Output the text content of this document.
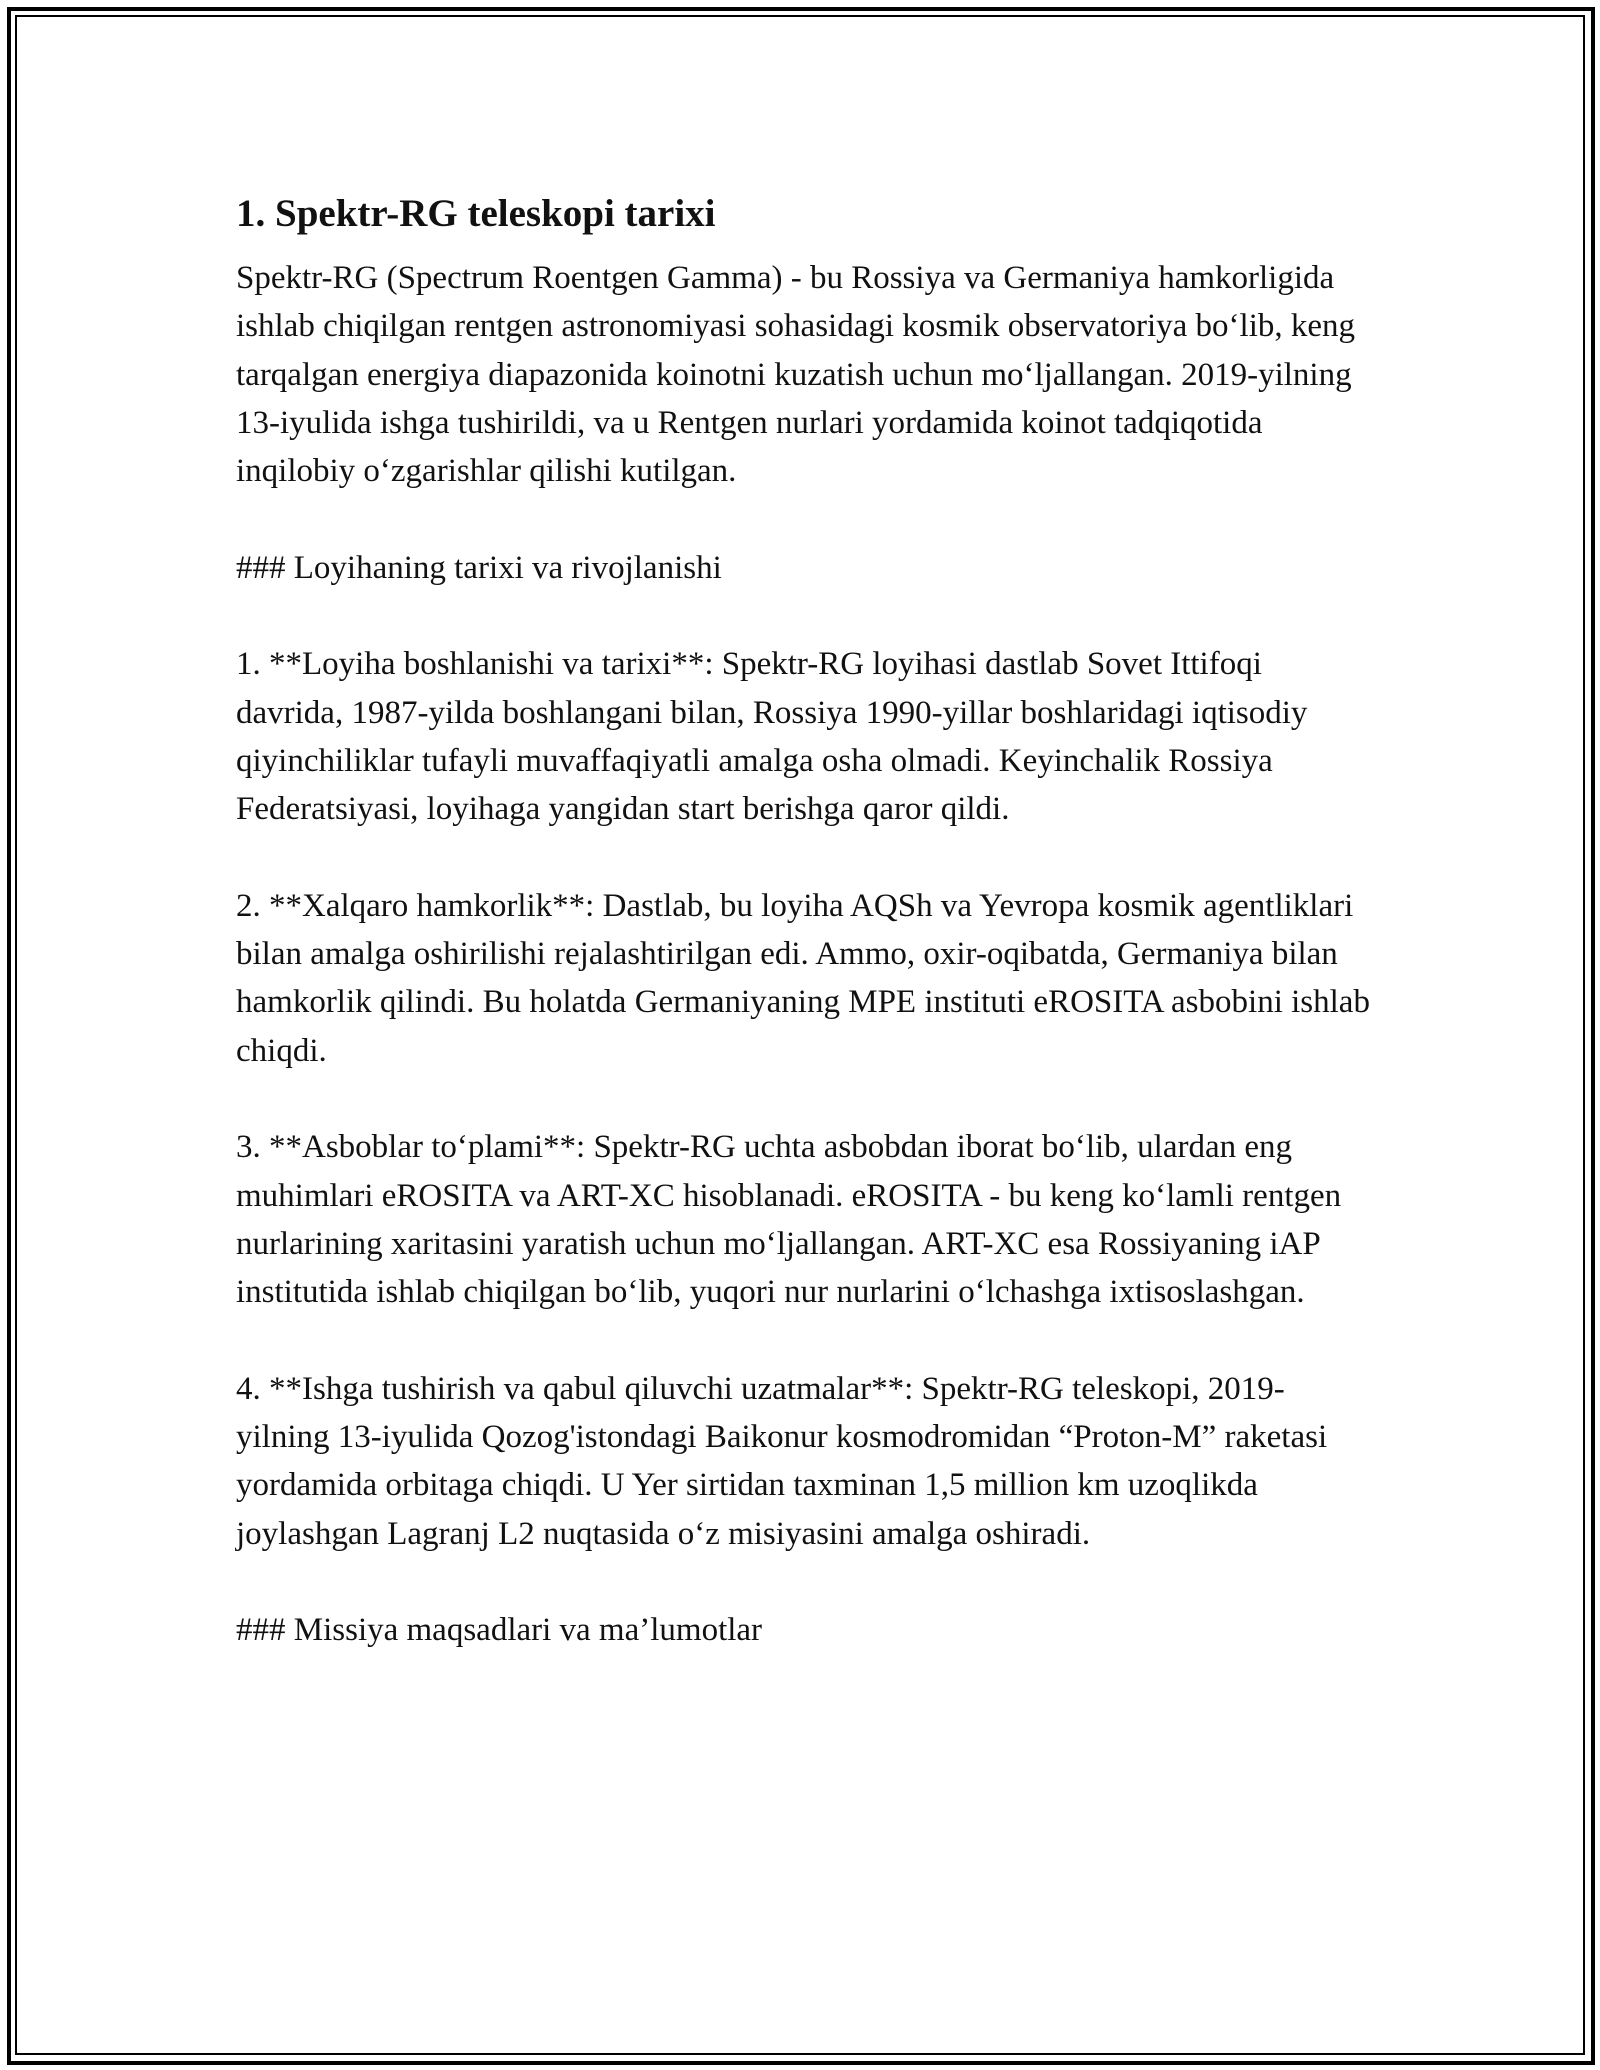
1. Spektr-RG teleskopi tarixi

Spektr-RG (Spectrum Roentgen Gamma) - bu Rossiya va Germaniya hamkorligida ishlab chiqilgan rentgen astronomiyasi sohasidagi kosmik observatoriya bo‘lib, keng tarqalgan energiya diapazonida koinotni kuzatish uchun mo‘ljallangan. 2019-yilning 13-iyulida ishga tushirildi, va u Rentgen nurlari yordamida koinot tadqiqotida inqilobiy o‘zgarishlar qilishi kutilgan.

### Loyihaning tarixi va rivojlanishi

1. **Loyiha boshlanishi va tarixi**: Spektr-RG loyihasi dastlab Sovet Ittifoqi davrida, 1987-yilda boshlangani bilan, Rossiya 1990-yillar boshlaridagi iqtisodiy qiyinchiliklar tufayli muvaffaqiyatli amalga osha olmadi. Keyinchalik Rossiya Federatsiyasi, loyihaga yangidan start berishga qaror qildi.

2. **Xalqaro hamkorlik**: Dastlab, bu loyiha AQSh va Yevropa kosmik agentliklari bilan amalga oshirilishi rejalashtirilgan edi. Ammo, oxir-oqibatda, Germaniya bilan hamkorlik qilindi. Bu holatda Germaniyaning MPE instituti eROSITA asbobini ishlab chiqdi.

3. **Asboblar to‘plami**: Spektr-RG uchta asbobdan iborat bo‘lib, ulardan eng muhimlari eROSITA va ART-XC hisoblanadi. eROSITA - bu keng ko‘lamli rentgen nurlarining xaritasini yaratish uchun mo‘ljallangan. ART-XC esa Rossiyaning iAP institutida ishlab chiqilgan bo‘lib, yuqori nur nurlarini o‘lchashga ixtisoslashgan.

4. **Ishga tushirish va qabul qiluvchi uzatmalar**: Spektr-RG teleskopi, 2019-yilning 13-iyulida Qozog'istondagi Baikonur kosmodromidan “Proton-M” raketasi yordamida orbitaga chiqdi. U Yer sirtidan taxminan 1,5 million km uzoqlikda joylashgan Lagranj L2 nuqtasida o‘z misiyasini amalga oshiradi.

### Missiya maqsadlari va ma’lumotlar
